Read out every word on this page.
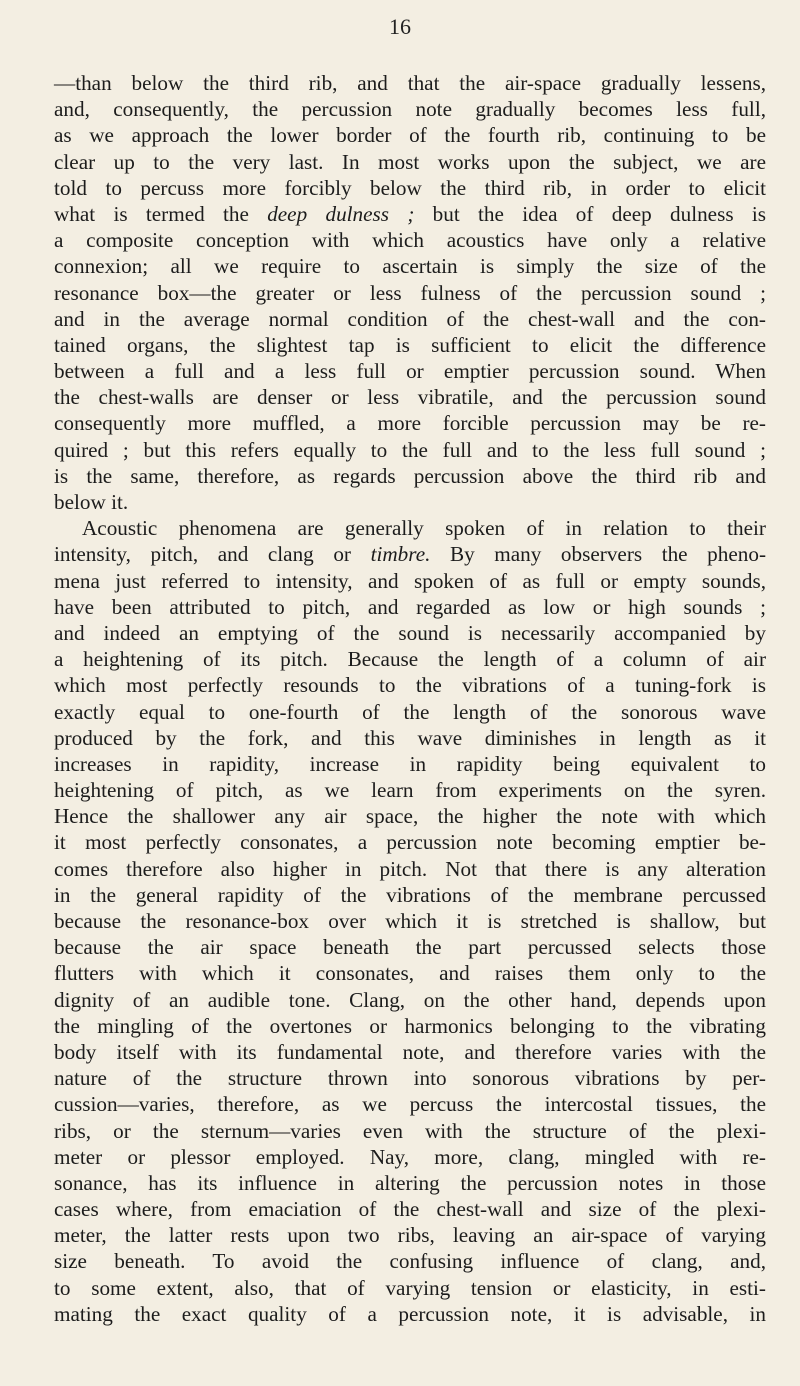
16
—than below the third rib, and that the air-space gradually lessens,
and, consequently, the percussion note gradually becomes less full,
as we approach the lower border of the fourth rib, continuing to be
clear up to the very last. In most works upon the subject, we are
told to percuss more forcibly below the third rib, in order to elicit
what is termed the deep dulness ; but the idea of deep dulness is
a composite conception with which acoustics have only a relative
connexion; all we require to ascertain is simply the size of the
resonance box—the greater or less fulness of the percussion sound ;
and in the average normal condition of the chest-wall and the con-
tained organs, the slightest tap is sufficient to elicit the difference
between a full and a less full or emptier percussion sound. When
the chest-walls are denser or less vibratile, and the percussion sound
consequently more muffled, a more forcible percussion may be re-
quired ; but this refers equally to the full and to the less full sound ;
is the same, therefore, as regards percussion above the third rib and
below it.
Acoustic phenomena are generally spoken of in relation to their
intensity, pitch, and clang or timbre. By many observers the pheno-
mena just referred to intensity, and spoken of as full or empty sounds,
have been attributed to pitch, and regarded as low or high sounds ;
and indeed an emptying of the sound is necessarily accompanied by
a heightening of its pitch. Because the length of a column of air
which most perfectly resounds to the vibrations of a tuning-fork is
exactly equal to one-fourth of the length of the sonorous wave
produced by the fork, and this wave diminishes in length as it
increases in rapidity, increase in rapidity being equivalent to
heightening of pitch, as we learn from experiments on the syren.
Hence the shallower any air space, the higher the note with which
it most perfectly consonates, a percussion note becoming emptier be-
comes therefore also higher in pitch. Not that there is any alteration
in the general rapidity of the vibrations of the membrane percussed
because the resonance-box over which it is stretched is shallow, but
because the air space beneath the part percussed selects those
flutters with which it consonates, and raises them only to the
dignity of an audible tone. Clang, on the other hand, depends upon
the mingling of the overtones or harmonics belonging to the vibrating
body itself with its fundamental note, and therefore varies with the
nature of the structure thrown into sonorous vibrations by per-
cussion—varies, therefore, as we percuss the intercostal tissues, the
ribs, or the sternum—varies even with the structure of the plexi-
meter or plessor employed. Nay, more, clang, mingled with re-
sonance, has its influence in altering the percussion notes in those
cases where, from emaciation of the chest-wall and size of the plexi-
meter, the latter rests upon two ribs, leaving an air-space of varying
size beneath. To avoid the confusing influence of clang, and,
to some extent, also, that of varying tension or elasticity, in esti-
mating the exact quality of a percussion note, it is advisable, in
